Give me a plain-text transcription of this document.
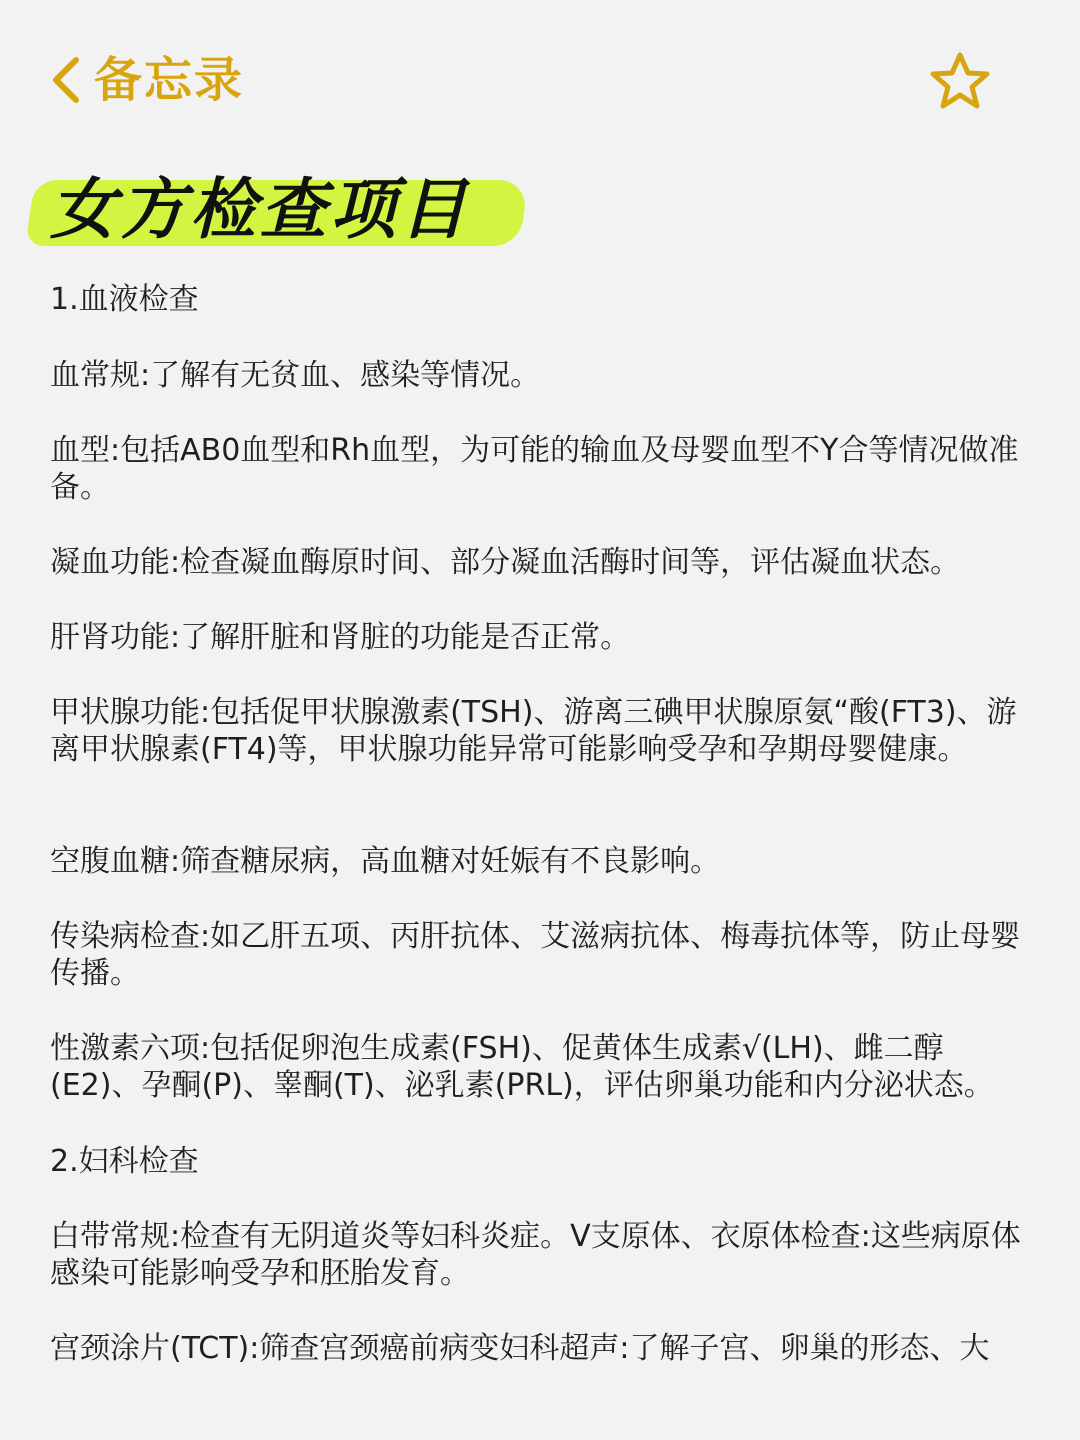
备忘录
女方检查项目

1.血液检查

血常规:了解有无贫血、感染等情况。

血型:包括AB0血型和Rh血型，为可能的输血及母婴血型不Y合等情况做准备。

凝血功能:检查凝血酶原时间、部分凝血活酶时间等，评估凝血状态。

肝肾功能:了解肝脏和肾脏的功能是否正常。

甲状腺功能:包括促甲状腺激素(TSH)、游离三碘甲状腺原氨“酸(FT3)、游离甲状腺素(FT4)等，甲状腺功能异常可能影响受孕和孕期母婴健康。

空腹血糖:筛查糖尿病，高血糖对妊娠有不良影响。

传染病检查:如乙肝五项、丙肝抗体、艾滋病抗体、梅毒抗体等，防止母婴传播。

性激素六项:包括促卵泡生成素(FSH)、促黄体生成素√(LH)、雌二醇(E2)、孕酮(P)、睾酮(T)、泌乳素(PRL)，评估卵巢功能和内分泌状态。

2.妇科检查

白带常规:检查有无阴道炎等妇科炎症。V支原体、衣原体检查:这些病原体感染可能影响受孕和胚胎发育。

宫颈涂片(TCT):筛查宫颈癌前病变妇科超声:了解子宫、卵巢的形态、大
